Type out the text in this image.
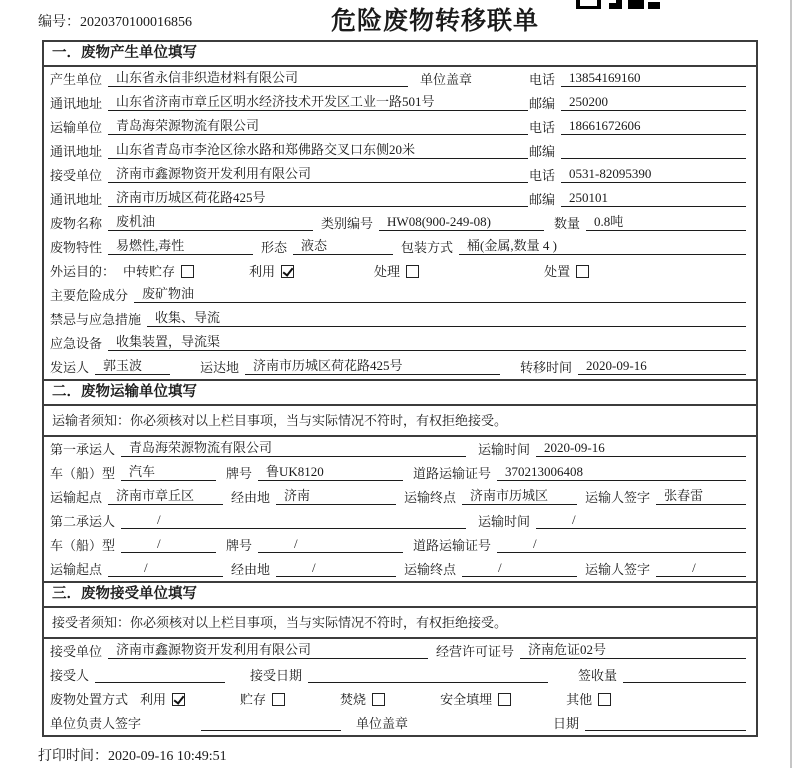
编号：2020370100016856	危险废物转移联单
一．废物产生单位填写
产生单位	山东省永信非织造材料有限公司	单位盖章	电话	13854169160
通讯地址	山东省济南市章丘区明水经济技术开发区工业一路501号	邮编	250200
运输单位	青岛海荣源物流有限公司	电话	18661672606
通讯地址	山东省青岛市李沧区徐水路和郑佛路交叉口东侧20米	邮编
接受单位	济南市鑫源物资开发利用有限公司	电话	0531-82095390
通讯地址	济南市历城区荷花路425号	邮编	250101
废物名称	废机油	类别编号	HW08(900-249-08)	数量	0.8吨
废物特性	易燃性,毒性	形态	液态	包装方式	桶(金属,数量 4 )
外运目的： 中转贮存	利用	处理	处置
主要危险成分	废矿物油
禁忌与应急措施	收集、导流
应急设备	收集装置，导流渠
发运人	郭玉波	运达地	济南市历城区荷花路425号	转移时间	2020-09-16
二．废物运输单位填写
运输者须知：你必须核对以上栏目事项，当与实际情况不符时，有权拒绝接受。
第一承运人	青岛海荣源物流有限公司	运输时间	2020-09-16
车（船）型	汽车	牌号	鲁UK8120	道路运输证号	370213006408
运输起点	济南市章丘区	经由地	济南	运输终点	济南市历城区	运输人签字	张春雷
第二承运人	/	运输时间	/
车（船）型	/	牌号	/	道路运输证号	/
运输起点	/	经由地	/	运输终点	/	运输人签字	/
三．废物接受单位填写
接受者须知：你必须核对以上栏目事项，当与实际情况不符时，有权拒绝接受。
接受单位	济南市鑫源物资开发利用有限公司	经营许可证号	济南危证02号
接受人	接受日期	签收量
废物处置方式 利用	贮存	焚烧	安全填埋	其他
单位负责人签字	单位盖章	日期
打印时间：2020-09-16 10:49:51
